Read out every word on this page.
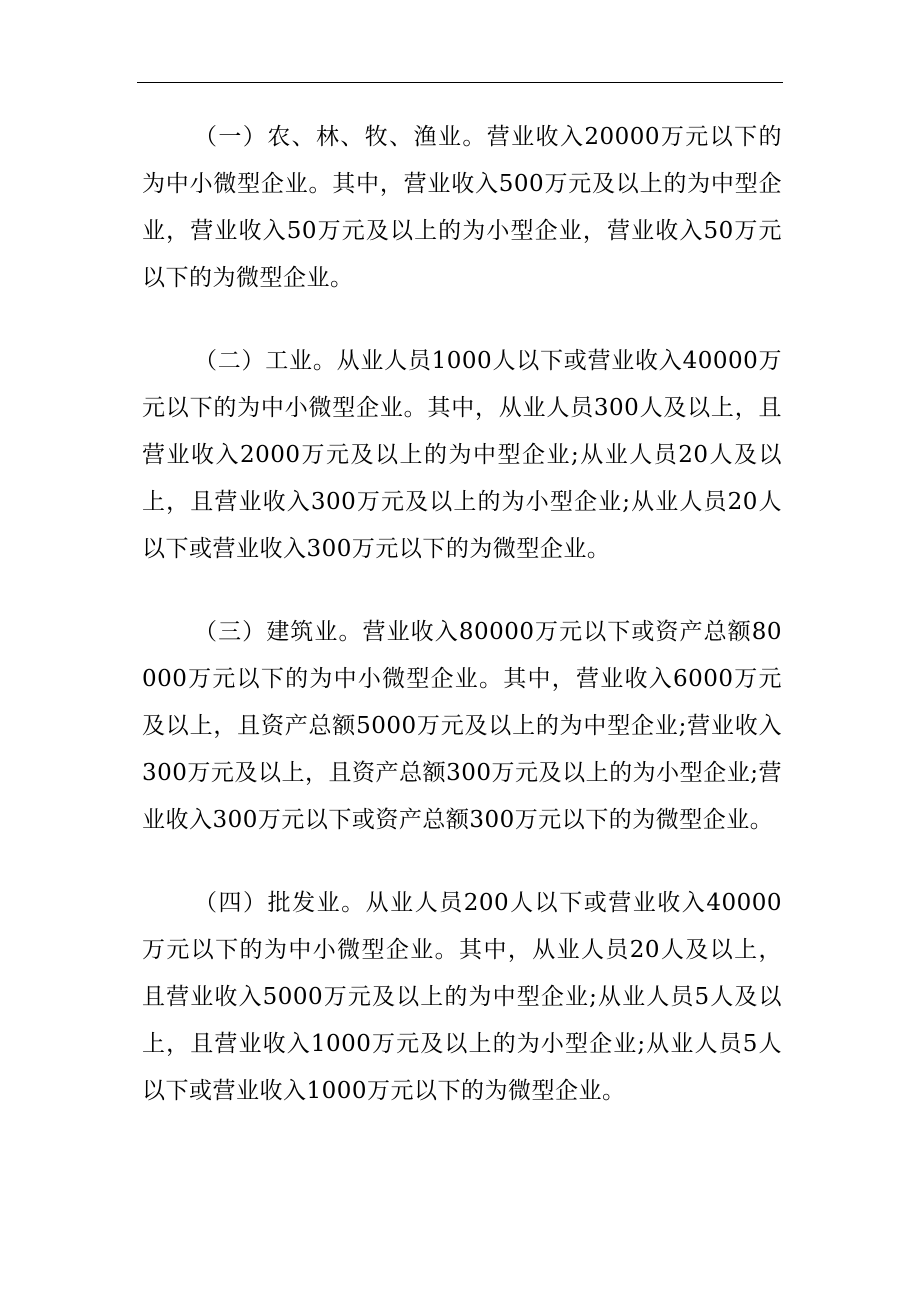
（一）农、林、牧、渔业。营业收入20000万元以下的为中小微型企业。其中，营业收入500万元及以上的为中型企业，营业收入50万元及以上的为小型企业，营业收入50万元以下的为微型企业。

（二）工业。从业人员1000人以下或营业收入40000万元以下的为中小微型企业。其中，从业人员300人及以上，且营业收入2000万元及以上的为中型企业;从业人员20人及以上，且营业收入300万元及以上的为小型企业;从业人员20人以下或营业收入300万元以下的为微型企业。

（三）建筑业。营业收入80000万元以下或资产总额80000万元以下的为中小微型企业。其中，营业收入6000万元及以上，且资产总额5000万元及以上的为中型企业;营业收入300万元及以上，且资产总额300万元及以上的为小型企业;营业收入300万元以下或资产总额300万元以下的为微型企业。

（四）批发业。从业人员200人以下或营业收入40000万元以下的为中小微型企业。其中，从业人员20人及以上，且营业收入5000万元及以上的为中型企业;从业人员5人及以上，且营业收入1000万元及以上的为小型企业;从业人员5人以下或营业收入1000万元以下的为微型企业。
